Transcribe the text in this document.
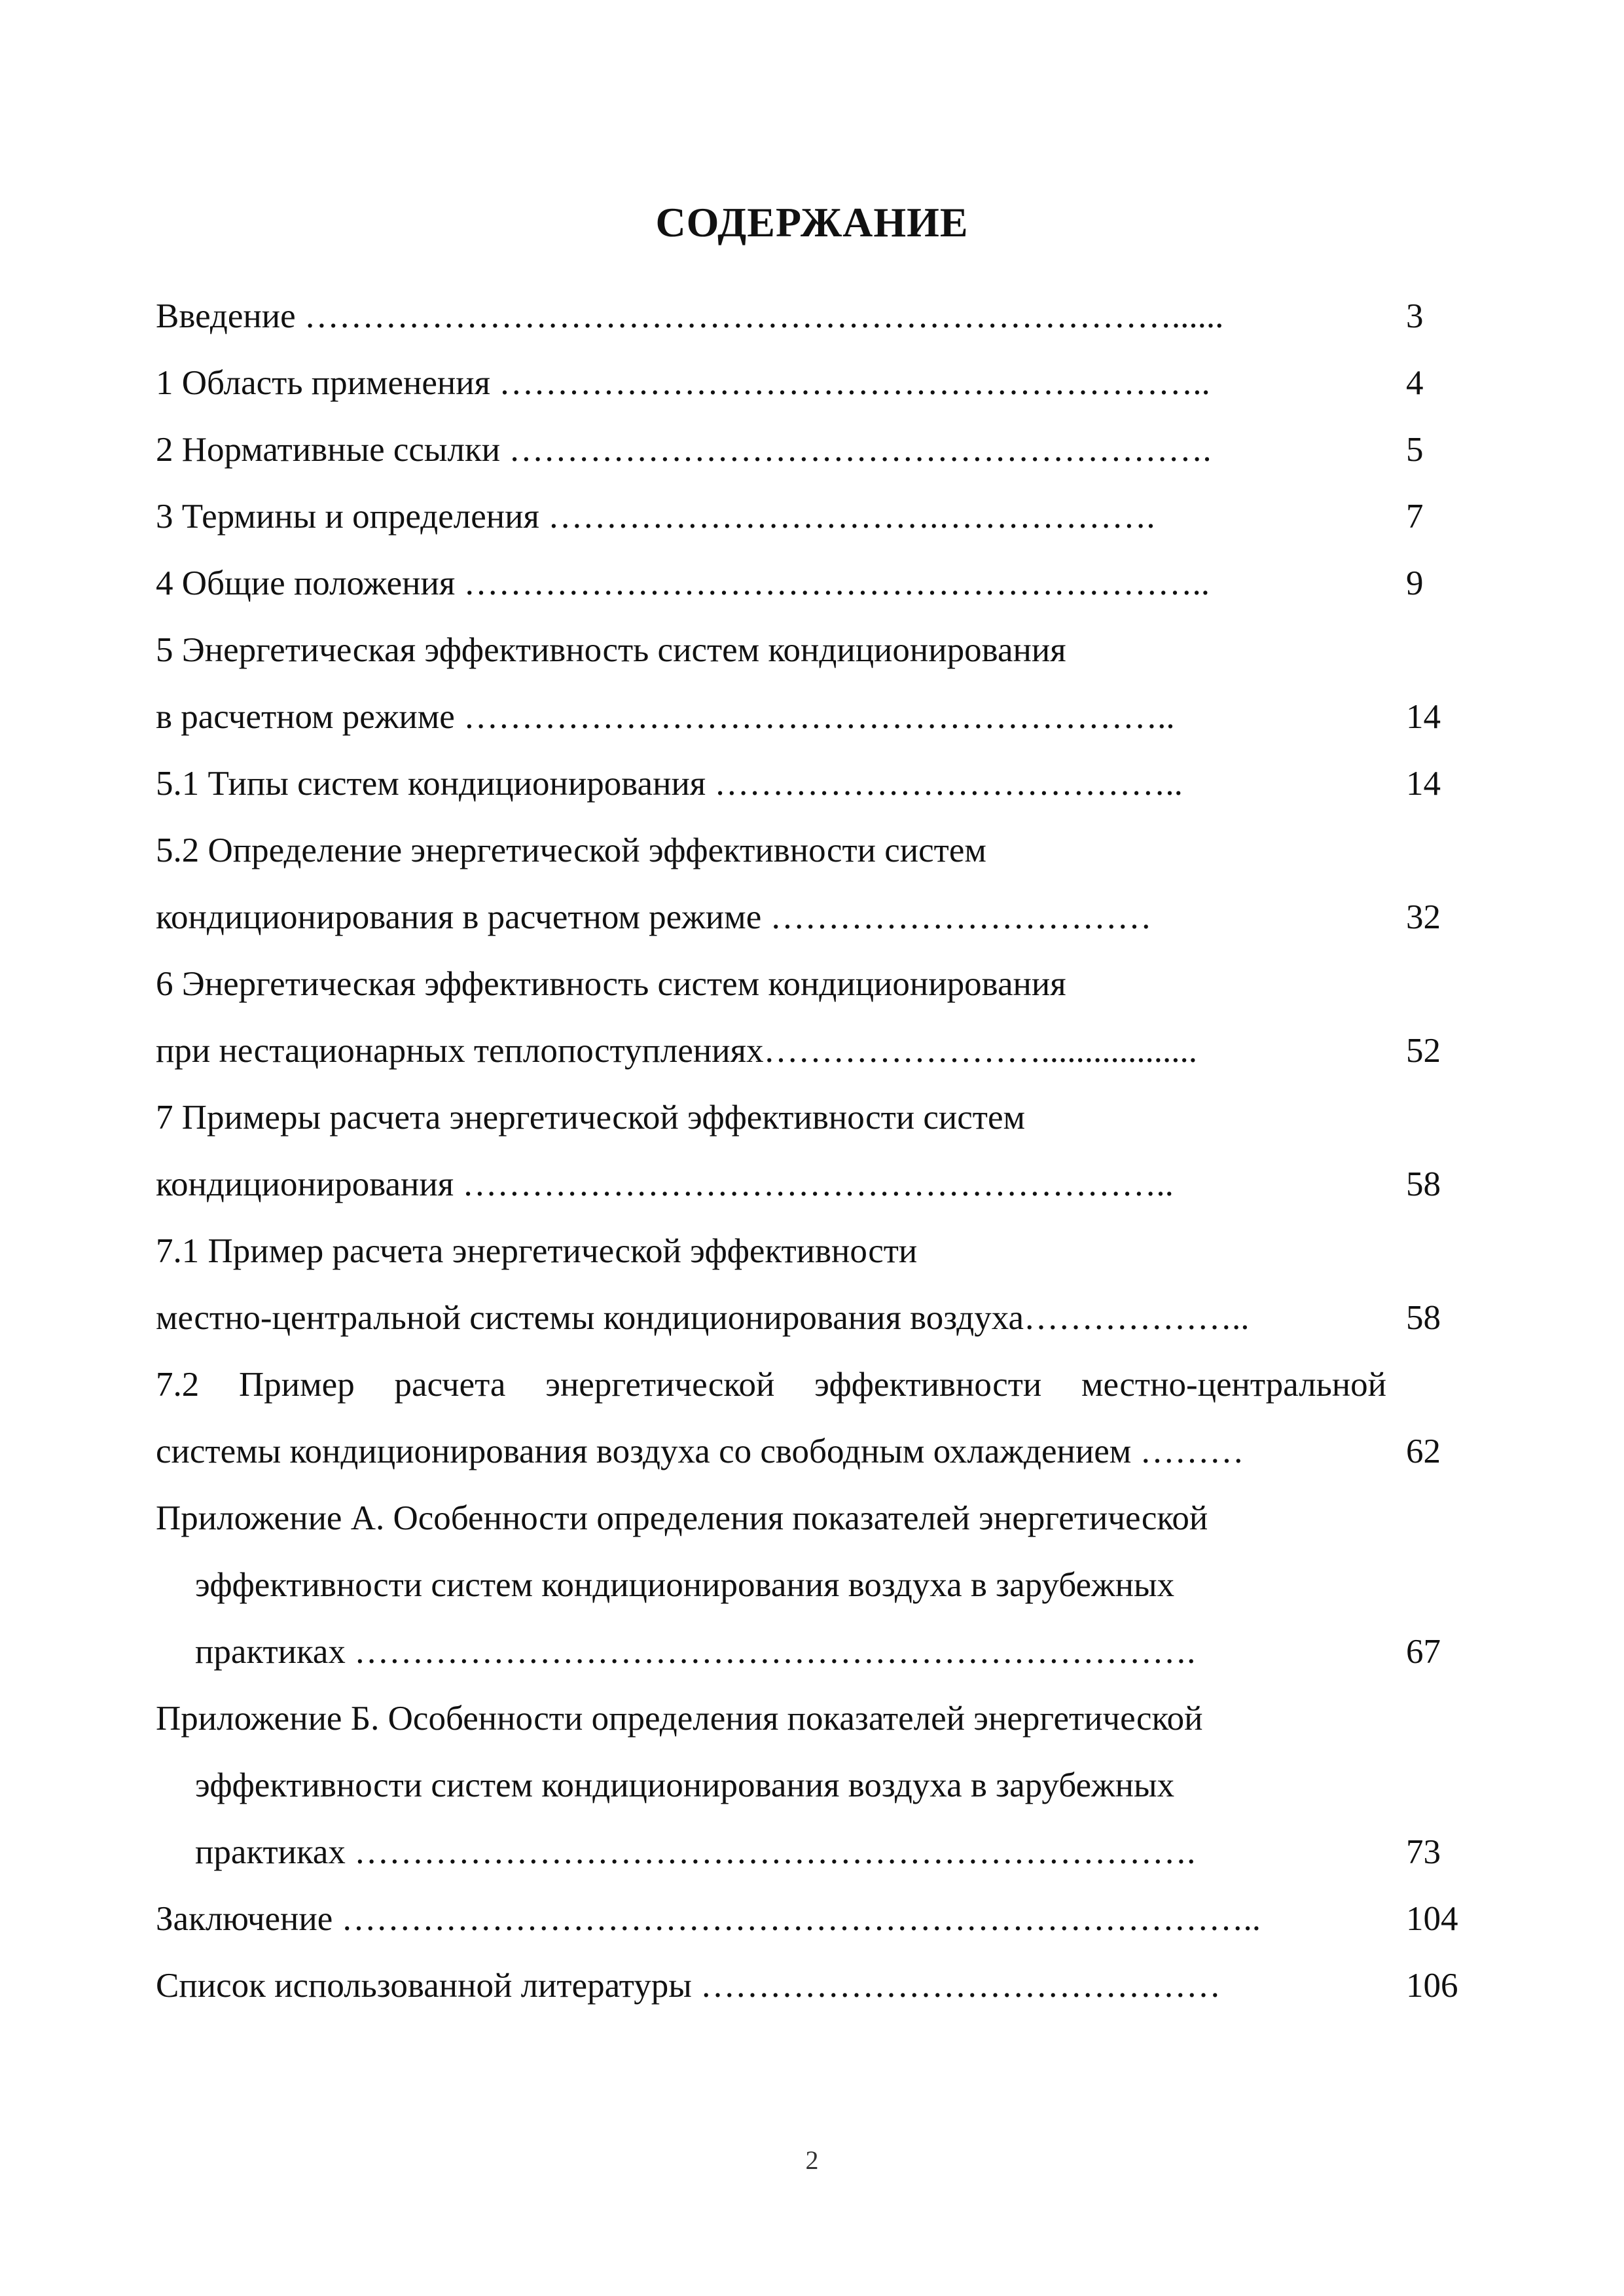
СОДЕРЖАНИЕ
Введение …………………………………………………………………......	3
1 Область применения ……………………………………………………..	4
2 Нормативные ссылки …………………………………………………….	5
3 Термины и определения …………………………….……………….	7
4 Общие положения ………………………………………………………..	9
5 Энергетическая эффективность систем кондиционирования
в расчетном режиме ……………………………………………………..	14
5.1 Типы систем кондиционирования …………………………………..	14
5.2 Определение энергетической эффективности систем
кондиционирования в расчетном режиме ……………………………	32
6 Энергетическая эффективность систем кондиционирования
при нестационарных теплопоступлениях……………………..................	52
7 Примеры расчета энергетической эффективности систем
кондиционирования ……………………………………………………..	58
7.1 Пример расчета энергетической эффективности
местно-центральной системы кондиционирования воздуха………………..	58
7.2 Пример расчета энергетической эффективности местно-центральной
системы кондиционирования воздуха со свободным охлаждением ………	62
Приложение А. Особенности определения показателей энергетической
эффективности систем кондиционирования воздуха в зарубежных
практиках ……………………………………………………………….	67
Приложение Б. Особенности определения показателей энергетической
эффективности систем кондиционирования воздуха в зарубежных
практиках ……………………………………………………………….	73
Заключение ……………………………………………………………………..	104
Список использованной литературы ………………………………………	106
2
